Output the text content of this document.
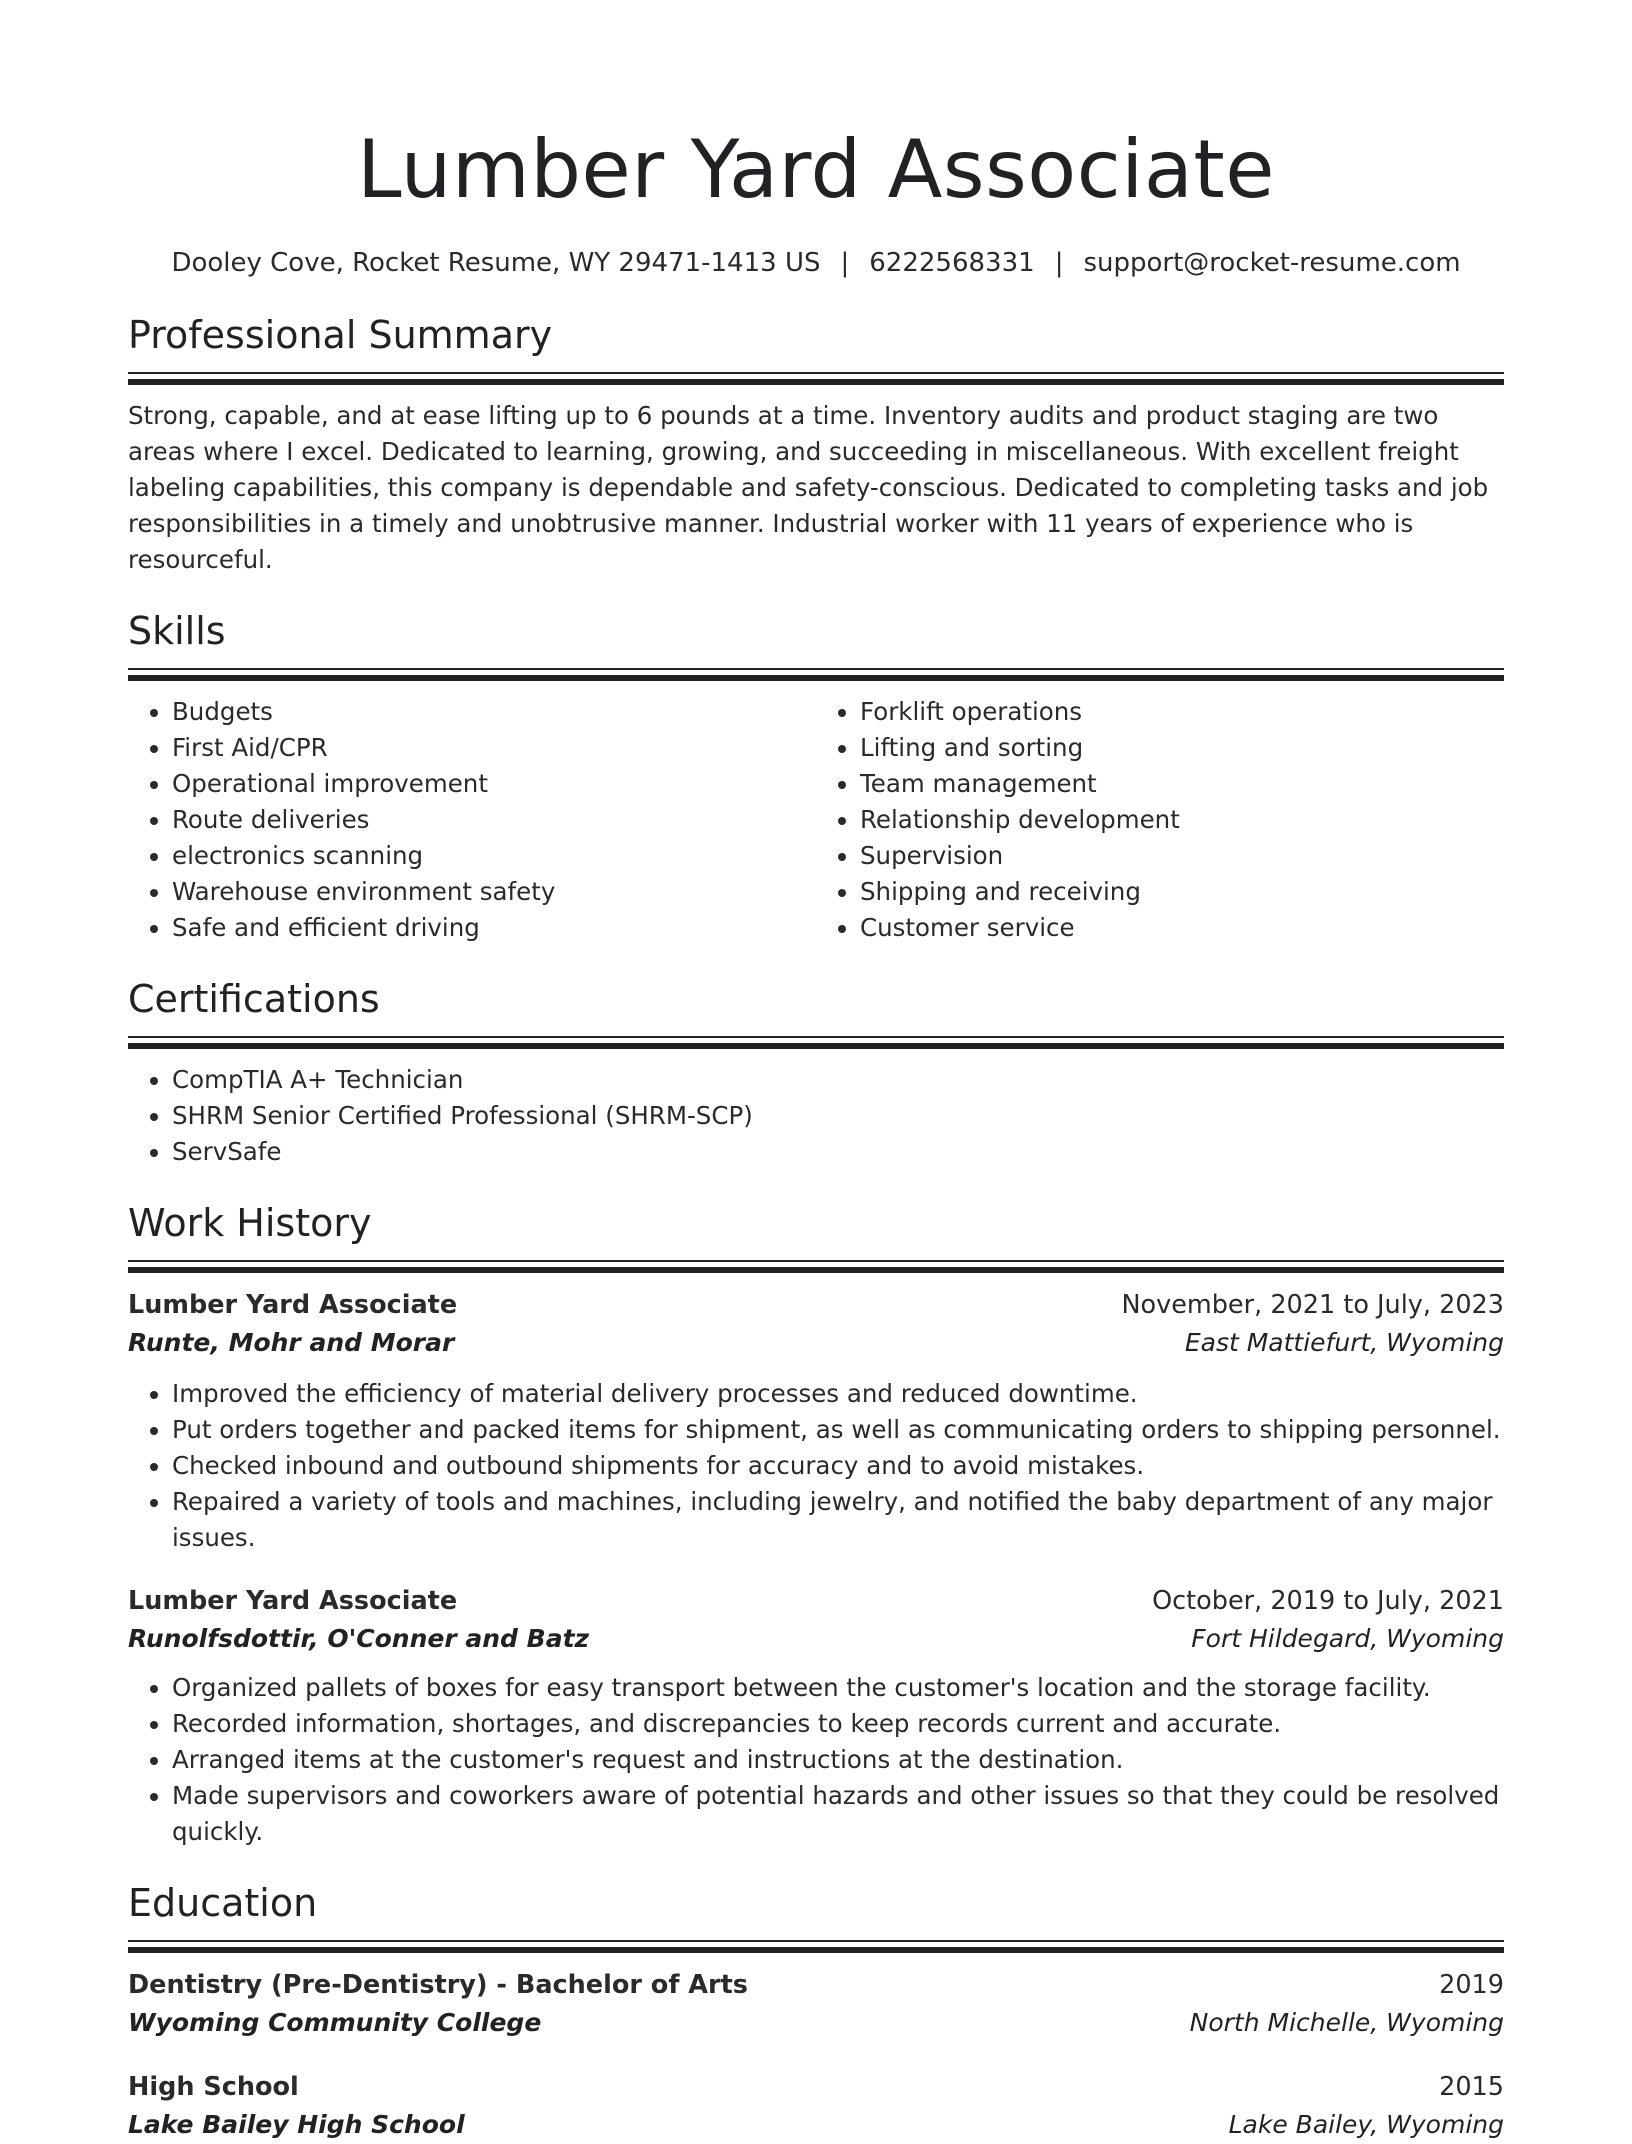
Lumber Yard Associate
Dooley Cove, Rocket Resume, WY 29471-1413 US | 6222568331 | support@rocket-resume.com
Professional Summary

Strong, capable, and at ease lifting up to 6 pounds at a time. Inventory audits and product staging are two areas where I excel. Dedicated to learning, growing, and succeeding in miscellaneous. With excellent freight labeling capabilities, this company is dependable and safety-conscious. Dedicated to completing tasks and job responsibilities in a timely and unobtrusive manner. Industrial worker with 11 years of experience who is resourceful.

Skills
• Budgets
• First Aid/CPR
• Operational improvement
• Route deliveries
• electronics scanning
• Warehouse environment safety
• Safe and efficient driving
• Forklift operations
• Lifting and sorting
• Team management
• Relationship development
• Supervision
• Shipping and receiving
• Customer service
Certifications
• CompTIA A+ Technician
• SHRM Senior Certified Professional (SHRM-SCP)
• ServSafe
Work History
Lumber Yard Associate	November, 2021 to July, 2023
Runte, Mohr and Morar	East Mattiefurt, Wyoming
• Improved the efficiency of material delivery processes and reduced downtime.
• Put orders together and packed items for shipment, as well as communicating orders to shipping personnel.
• Checked inbound and outbound shipments for accuracy and to avoid mistakes.
• Repaired a variety of tools and machines, including jewelry, and notified the baby department of any major issues.
Lumber Yard Associate	October, 2019 to July, 2021
Runolfsdottir, O'Conner and Batz	Fort Hildegard, Wyoming
• Organized pallets of boxes for easy transport between the customer's location and the storage facility.
• Recorded information, shortages, and discrepancies to keep records current and accurate.
• Arranged items at the customer's request and instructions at the destination.
• Made supervisors and coworkers aware of potential hazards and other issues so that they could be resolved quickly.
Education
Dentistry (Pre-Dentistry) - Bachelor of Arts	2019
Wyoming Community College	North Michelle, Wyoming
High School	2015
Lake Bailey High School	Lake Bailey, Wyoming
